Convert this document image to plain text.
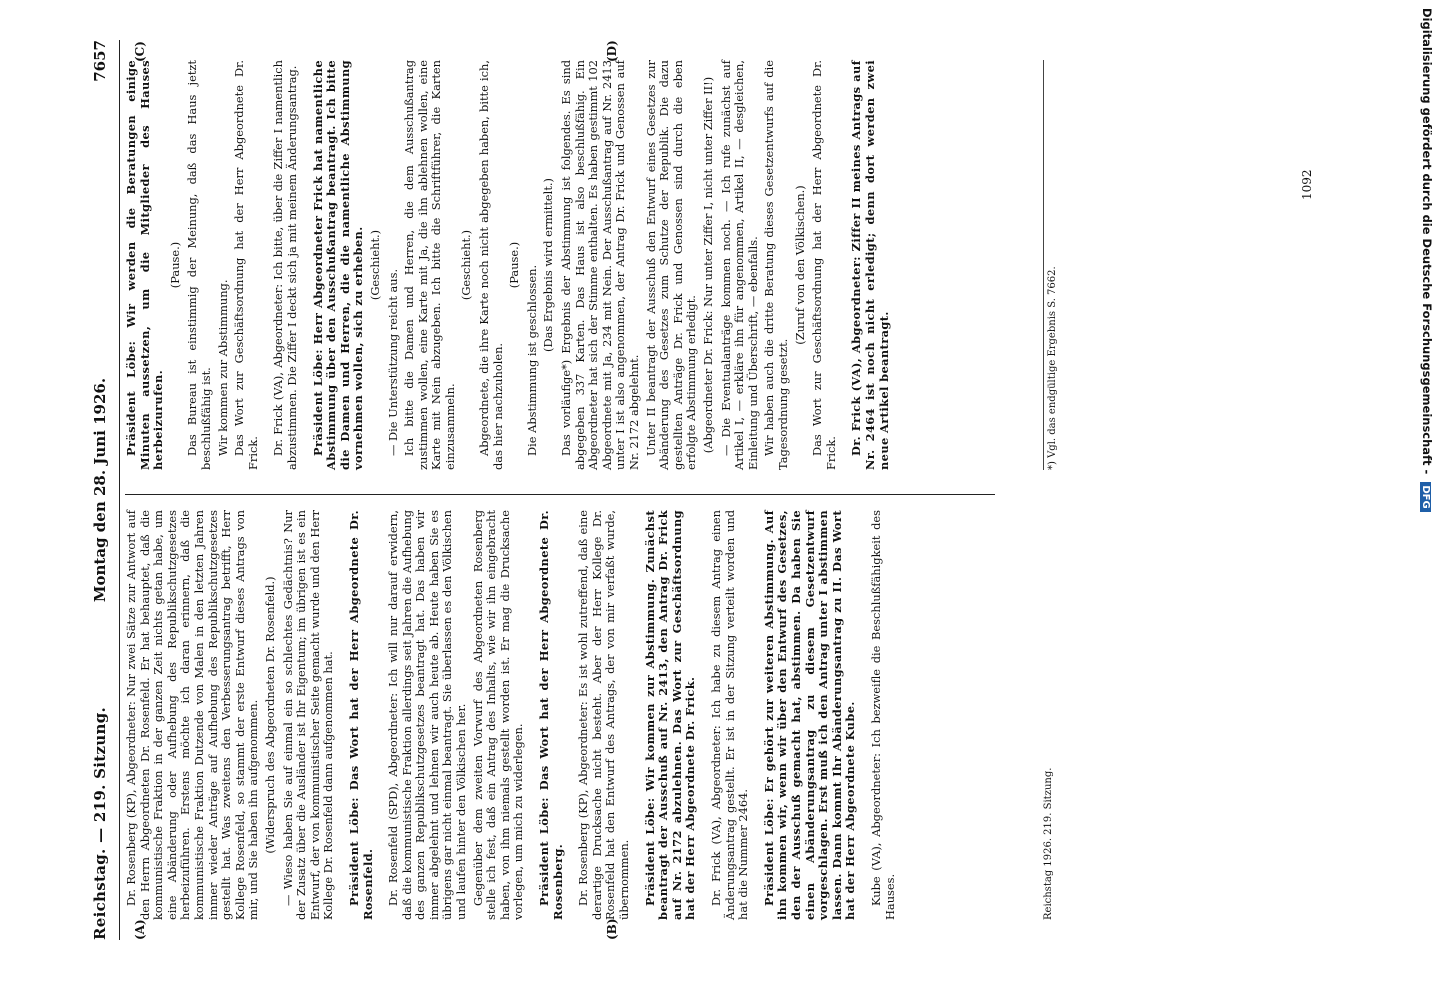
Reichstag. — 219. Sitzung.
Montag den 28. Juni 1926.
7657
(A)	(B)
(C)	(D)

Dr. Rosenberg (KP), Abgeordneter: Nur zwei Sätze zur Antwort auf den Herrn Abgeordneten Dr. Rosenfeld. Er hat behauptet, daß die kommunistische Fraktion in der ganzen Zeit nichts getan habe, um eine Abänderung oder Aufhebung des Republikschutzgesetzes herbeizuführen. Erstens möchte ich daran erinnern, daß die kommunistische Fraktion Dutzende von Malen in den letzten Jahren immer wieder Anträge auf Aufhebung des Republikschutzgesetzes gestellt hat. Was zweitens den Verbesserungsantrag betrifft, Herr Kollege Rosenfeld, so stammt der erste Entwurf dieses Antrags von mir, und Sie haben ihn aufgenommen. (Widerspruch des Abgeordneten Dr. Rosenfeld.) — Wieso haben Sie auf einmal ein so schlechtes Gedächtnis? Nur der Zusatz über die Ausländer ist Ihr Eigentum; im übrigen ist es ein Entwurf, der von kommunistischer Seite gemacht wurde und den Herr Kollege Dr. Rosenfeld dann aufgenommen hat. Präsident Löbe: Das Wort hat der Herr Abgeordnete Dr. Rosenfeld. Dr. Rosenfeld (SPD), Abgeordneter: Ich will nur darauf erwidern, daß die kommunistische Fraktion allerdings seit Jahren die Aufhebung des ganzen Republikschutzgesetzes beantragt hat. Das haben wir immer abgelehnt und lehnen wir auch heute ab. Heute haben Sie es übrigens gar nicht einmal beantragt. Sie überlassen es den Völkischen und laufen hinter den Völkischen her. Gegenüber dem zweiten Vorwurf des Abgeordneten Rosenberg stelle ich fest, daß ein Antrag des Inhalts, wie wir ihn eingebracht haben, von ihm niemals gestellt worden ist. Er mag die Drucksache vorlegen, um mich zu widerlegen. Präsident Löbe: Das Wort hat der Herr Abgeordnete Dr. Rosenberg. Dr. Rosenberg (KP), Abgeordneter: Es ist wohl zutreffend, daß eine derartige Drucksache nicht besteht. Aber der Herr Kollege Dr. Rosenfeld hat den Entwurf des Antrags, der von mir verfaßt wurde, übernommen. Präsident Löbe: Wir kommen zur Abstimmung. Zunächst beantragt der Ausschuß auf Nr. 2413, den Antrag Dr. Frick auf Nr. 2172 abzulehnen. Das Wort zur Geschäftsordnung hat der Herr Abgeordnete Dr. Frick. Dr. Frick (VA), Abgeordneter: Ich habe zu diesem Antrag einen Änderungsantrag gestellt. Er ist in der Sitzung verteilt worden und hat die Nummer 2464. Präsident Löbe: Er gehört zur weiteren Abstimmung. Auf ihn kommen wir, wenn wir über den Entwurf des Gesetzes, den der Ausschuß gemacht hat, abstimmen. Da haben Sie einen Abänderungsantrag zu diesem Gesetzentwurf vorgeschlagen. Erst muß ich den Antrag unter I abstimmen lassen. Dann kommt Ihr Abänderungsantrag zu II. Das Wort hat der Herr Abgeordnete Kube. Kube (VA), Abgeordneter: Ich bezweifle die Beschlußfähigkeit des Hauses.

Präsident Löbe: Wir werden die Beratungen einige Minuten aussetzen, um die Mitglieder des Hauses herbeizurufen.

(Pause.) Das Bureau ist einstimmig der Meinung, daß das Haus jetzt beschlußfähig ist. Wir kommen zur Abstimmung. Das Wort zur Geschäftsordnung hat der Herr Abgeordnete Dr. Frick. Dr. Frick (VA), Abgeordneter: Ich bitte, über die Ziffer I namentlich abzustimmen. Die Ziffer I deckt sich ja mit meinem Änderungsantrag. Präsident Löbe: Herr Abgeordneter Frick hat namentliche Abstimmung über den Ausschußantrag beantragt. Ich bitte die Damen und Herren, die die namentliche Abstimmung vornehmen wollen, sich zu erheben. (Geschieht.)

— Die Unterstützung reicht aus. Ich bitte die Damen und Herren, die dem Ausschußantrag zustimmen wollen, eine Karte mit Ja, die ihn ablehnen wollen, eine Karte mit Nein abzugeben. Ich bitte die Schriftführer, die Karten einzusammeln.

(Geschieht.) Abgeordnete, die ihre Karte noch nicht abgegeben haben, bitte ich, das hier nachzuholen.

(Pause.) Die Abstimmung ist geschlossen. (Das Ergebnis wird ermittelt.) Das vorläufige*) Ergebnis der Abstimmung ist folgendes. Es sind abgegeben 337 Karten. Das Haus ist also beschlußfähig. Ein Abgeordneter hat sich der Stimme enthalten. Es haben gestimmt 102 Abgeordnete mit Ja, 234 mit Nein. Der Ausschußantrag auf Nr. 2413 unter I ist also angenommen, der Antrag Dr. Frick und Genossen auf Nr. 2172 abgelehnt. Unter II beantragt der Ausschuß den Entwurf eines Gesetzes zur Abänderung des Gesetzes zum Schutze der Republik. Die dazu gestellten Anträge Dr. Frick und Genossen sind durch die eben erfolgte Abstimmung erledigt. (Abgeordneter Dr. Frick: Nur unter Ziffer I, nicht unter Ziffer II!) — Die Eventualanträge kommen noch. — Ich rufe zunächst auf Artikel I, — erkläre ihn für angenommen, Artikel II, — desgleichen, Einleitung und Überschrift, — ebenfalls. Wir haben auch die dritte Beratung dieses Gesetzentwurfs auf die Tagesordnung gesetzt.

(Zuruf von den Völkischen.) Das Wort zur Geschäftsordnung hat der Herr Abgeordnete Dr. Frick. Dr. Frick (VA), Abgeordneter: Ziffer II meines Antrags auf Nr. 2464 ist noch nicht erledigt; denn dort werden zwei neue Artikel beantragt.

Reichstag 1926. 219. Sitzung.
*) Vgl. das endgültige Ergebnis S. 7662.
1092	Digitalisierung gefördert durch die Deutsche Forschungsgemeinschaft - DFG
